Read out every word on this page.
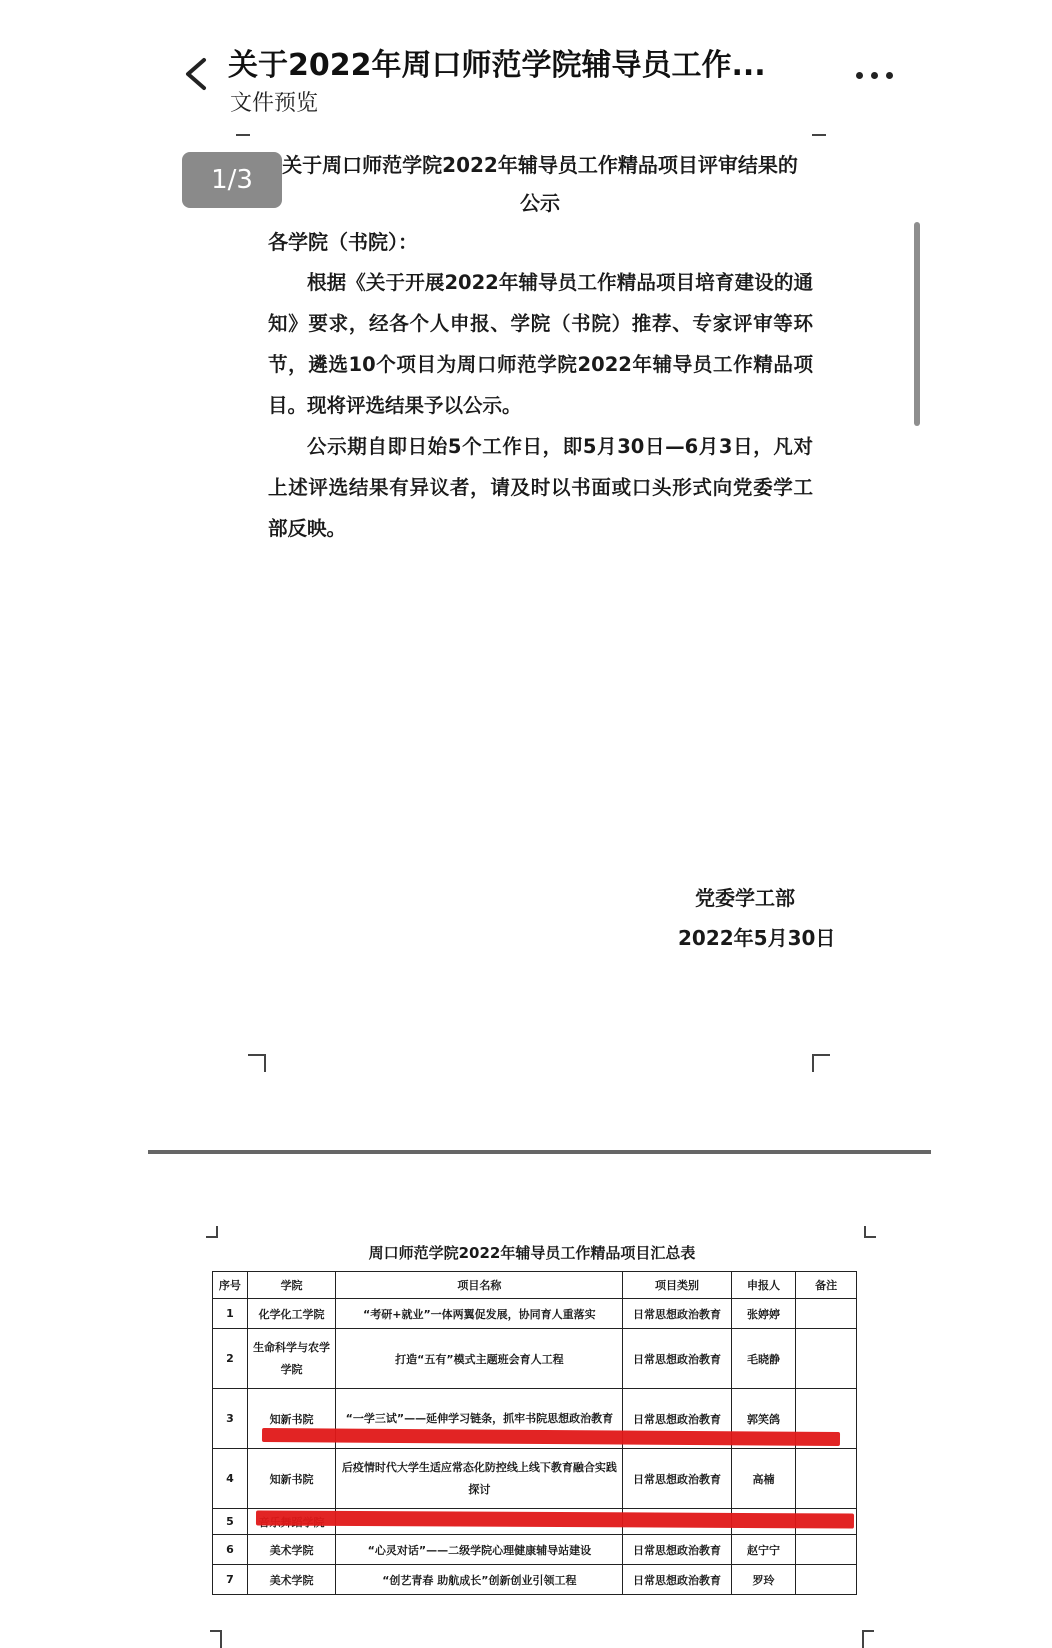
关于2022年周口师范学院辅导员工作...
文件预览
1/3	关于周口师范学院2022年辅导员工作精品项目评审结果的
公示
各学院（书院）：
根据《关于开展2022年辅导员工作精品项目培育建设的通知》要求，经各个人申报、学院（书院）推荐、专家评审等环节，遴选10个项目为周口师范学院2022年辅导员工作精品项目。现将评选结果予以公示。
公示期自即日始5个工作日，即5月30日—6月3日，凡对上述评选结果有异议者，请及时以书面或口头形式向党委学工部反映。
党委学工部
2022年5月30日
周口师范学院2022年辅导员工作精品项目汇总表
序号	学院	项目名称	项目类别	申报人	备注
1	化学化工学院	“考研+就业”一体两翼促发展，协同育人重落实	日常思想政治教育	张婷婷	
2	生命科学与农学学院	打造“五有”模式主题班会育人工程	日常思想政治教育	毛晓静	
3	知新书院	“一学三试”——延伸学习链条，抓牢书院思想政治教育	日常思想政治教育	郭笑鸽	
4	知新书院	后疫情时代大学生适应常态化防控线上线下教育融合实践探讨	日常思想政治教育	高楠	
5					
6	美术学院	“心灵对话”——二级学院心理健康辅导站建设	日常思想政治教育	赵宁宁	
7	美术学院	“创艺青春 助航成长”创新创业引领工程	日常思想政治教育	罗玲	
